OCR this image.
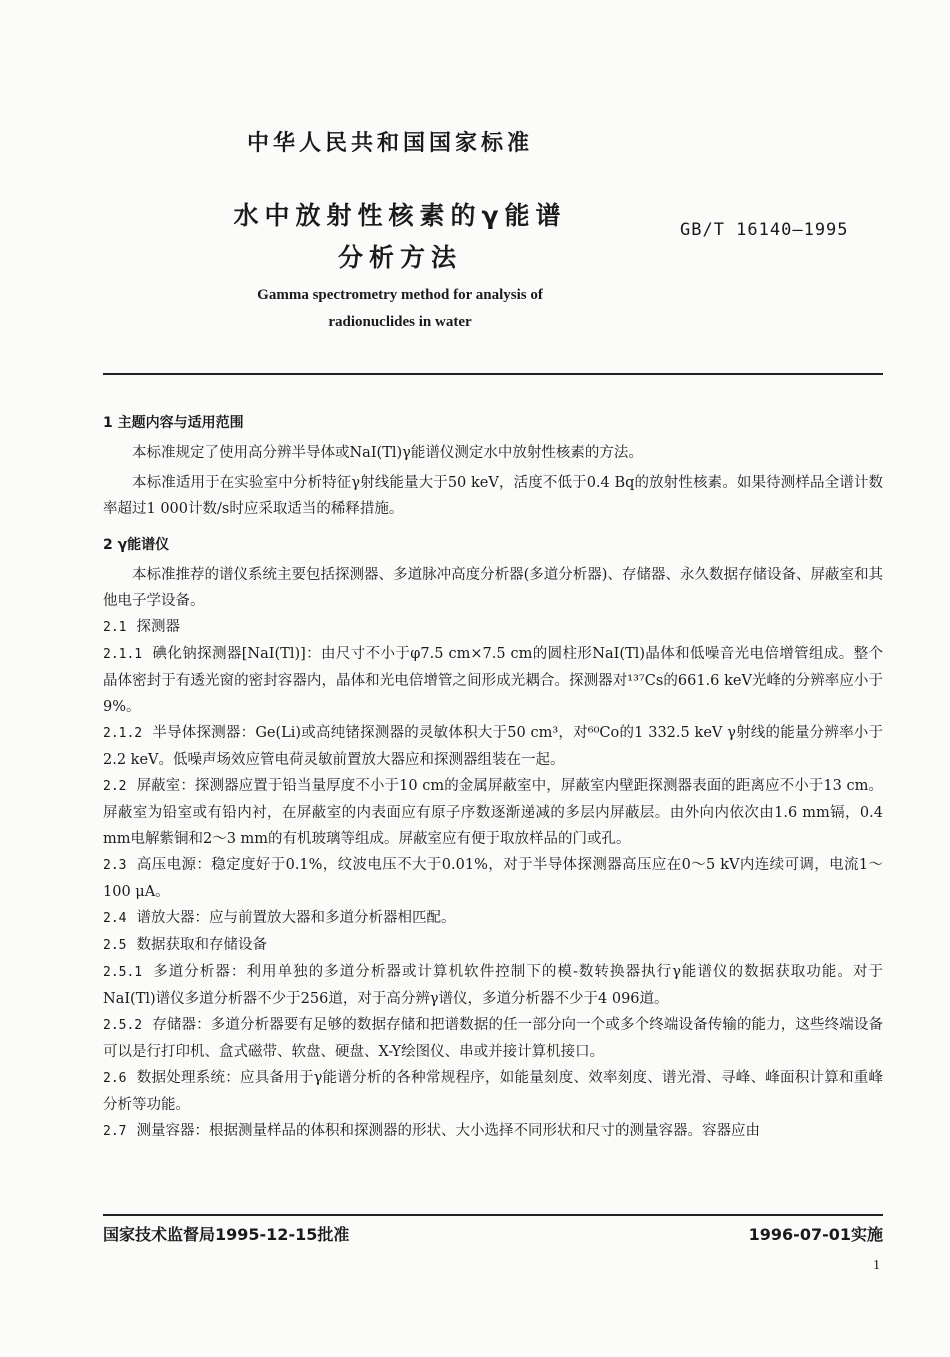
中华人民共和国国家标准
水中放射性核素的γ能谱
分析方法
GB/T 16140—1995
Gamma spectrometry method for analysis of
radionuclides in water
1 主题内容与适用范围

本标准规定了使用高分辨半导体或NaI(Tl)γ能谱仪测定水中放射性核素的方法。

本标准适用于在实验室中分析特征γ射线能量大于50 keV，活度不低于0.4 Bq的放射性核素。如果待测样品全谱计数率超过1 000计数/s时应采取适当的稀释措施。

2 γ能谱仪

本标准推荐的谱仪系统主要包括探测器、多道脉冲高度分析器(多道分析器)、存储器、永久数据存储设备、屏蔽室和其他电子学设备。

2.1 探测器
2.1.1 碘化钠探测器[NaI(Tl)]：由尺寸不小于φ7.5 cm×7.5 cm的圆柱形NaI(Tl)晶体和低噪音光电倍增管组成。整个晶体密封于有透光窗的密封容器内，晶体和光电倍增管之间形成光耦合。探测器对¹³⁷Cs的661.6 keV光峰的分辨率应小于9%。
2.1.2 半导体探测器：Ge(Li)或高纯锗探测器的灵敏体积大于50 cm³，对⁶⁰Co的1 332.5 keV γ射线的能量分辨率小于2.2 keV。低噪声场效应管电荷灵敏前置放大器应和探测器组装在一起。
2.2 屏蔽室：探测器应置于铅当量厚度不小于10 cm的金属屏蔽室中，屏蔽室内壁距探测器表面的距离应不小于13 cm。屏蔽室为铅室或有铅内衬，在屏蔽室的内表面应有原子序数逐渐递减的多层内屏蔽层。由外向内依次由1.6 mm镉，0.4 mm电解紫铜和2～3 mm的有机玻璃等组成。屏蔽室应有便于取放样品的门或孔。
2.3 高压电源：稳定度好于0.1%，纹波电压不大于0.01%，对于半导体探测器高压应在0～5 kV内连续可调，电流1～100 μA。
2.4 谱放大器：应与前置放大器和多道分析器相匹配。
2.5 数据获取和存储设备
2.5.1 多道分析器：利用单独的多道分析器或计算机软件控制下的模-数转换器执行γ能谱仪的数据获取功能。对于NaI(Tl)谱仪多道分析器不少于256道，对于高分辨γ谱仪，多道分析器不少于4 096道。
2.5.2 存储器：多道分析器要有足够的数据存储和把谱数据的任一部分向一个或多个终端设备传输的能力，这些终端设备可以是行打印机、盒式磁带、软盘、硬盘、X-Y绘图仪、串或并接计算机接口。
2.6 数据处理系统：应具备用于γ能谱分析的各种常规程序，如能量刻度、效率刻度、谱光滑、寻峰、峰面积计算和重峰分析等功能。
2.7 测量容器：根据测量样品的体积和探测器的形状、大小选择不同形状和尺寸的测量容器。容器应由
国家技术监督局1995-12-15批准	1996-07-01实施
1
